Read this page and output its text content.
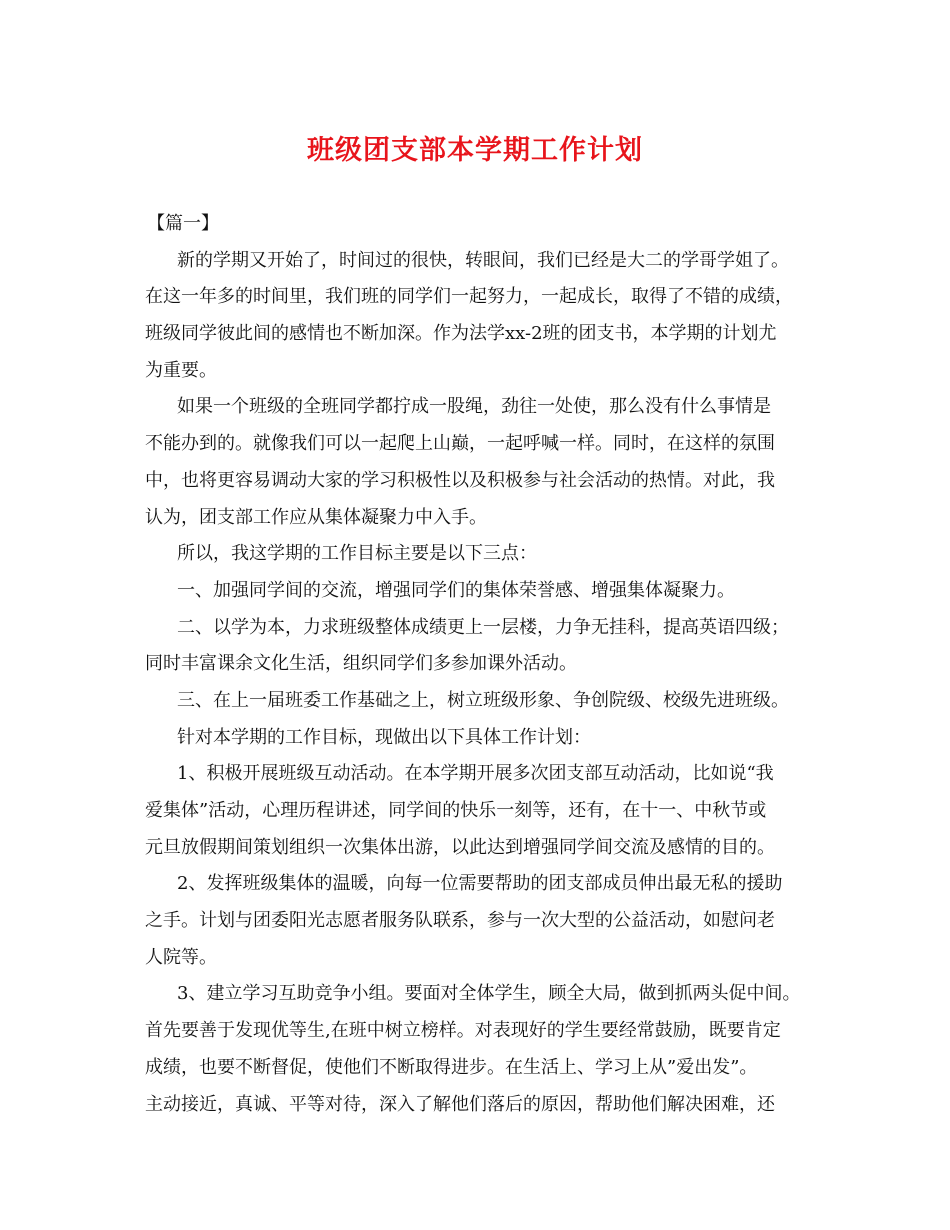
班级团支部本学期工作计划
【篇一】
新的学期又开始了，时间过的很快，转眼间，我们已经是大二的学哥学姐了。
在这一年多的时间里，我们班的同学们一起努力，一起成长，取得了不错的成绩，
班级同学彼此间的感情也不断加深。作为法学xx-2班的团支书，本学期的计划尤
为重要。
如果一个班级的全班同学都拧成一股绳，劲往一处使，那么没有什么事情是
不能办到的。就像我们可以一起爬上山巅，一起呼喊一样。同时，在这样的氛围
中，也将更容易调动大家的学习积极性以及积极参与社会活动的热情。对此，我
认为，团支部工作应从集体凝聚力中入手。
所以，我这学期的工作目标主要是以下三点：
一、加强同学间的交流，增强同学们的集体荣誉感、增强集体凝聚力。
二、以学为本，力求班级整体成绩更上一层楼，力争无挂科，提高英语四级；
同时丰富课余文化生活，组织同学们多参加课外活动。
三、在上一届班委工作基础之上，树立班级形象、争创院级、校级先进班级。
针对本学期的工作目标，现做出以下具体工作计划：
1、积极开展班级互动活动。在本学期开展多次团支部互动活动，比如说“我
爱集体”活动，心理历程讲述，同学间的快乐一刻等，还有，在十一、中秋节或
元旦放假期间策划组织一次集体出游，以此达到增强同学间交流及感情的目的。
2、发挥班级集体的温暖，向每一位需要帮助的团支部成员伸出最无私的援助
之手。计划与团委阳光志愿者服务队联系，参与一次大型的公益活动，如慰问老
人院等。
3、建立学习互助竞争小组。要面对全体学生，顾全大局，做到抓两头促中间。
首先要善于发现优等生,在班中树立榜样。对表现好的学生要经常鼓励，既要肯定
成绩，也要不断督促，使他们不断取得进步。在生活上、学习上从”爱出发”。
主动接近，真诚、平等对待，深入了解他们落后的原因，帮助他们解决困难，还
